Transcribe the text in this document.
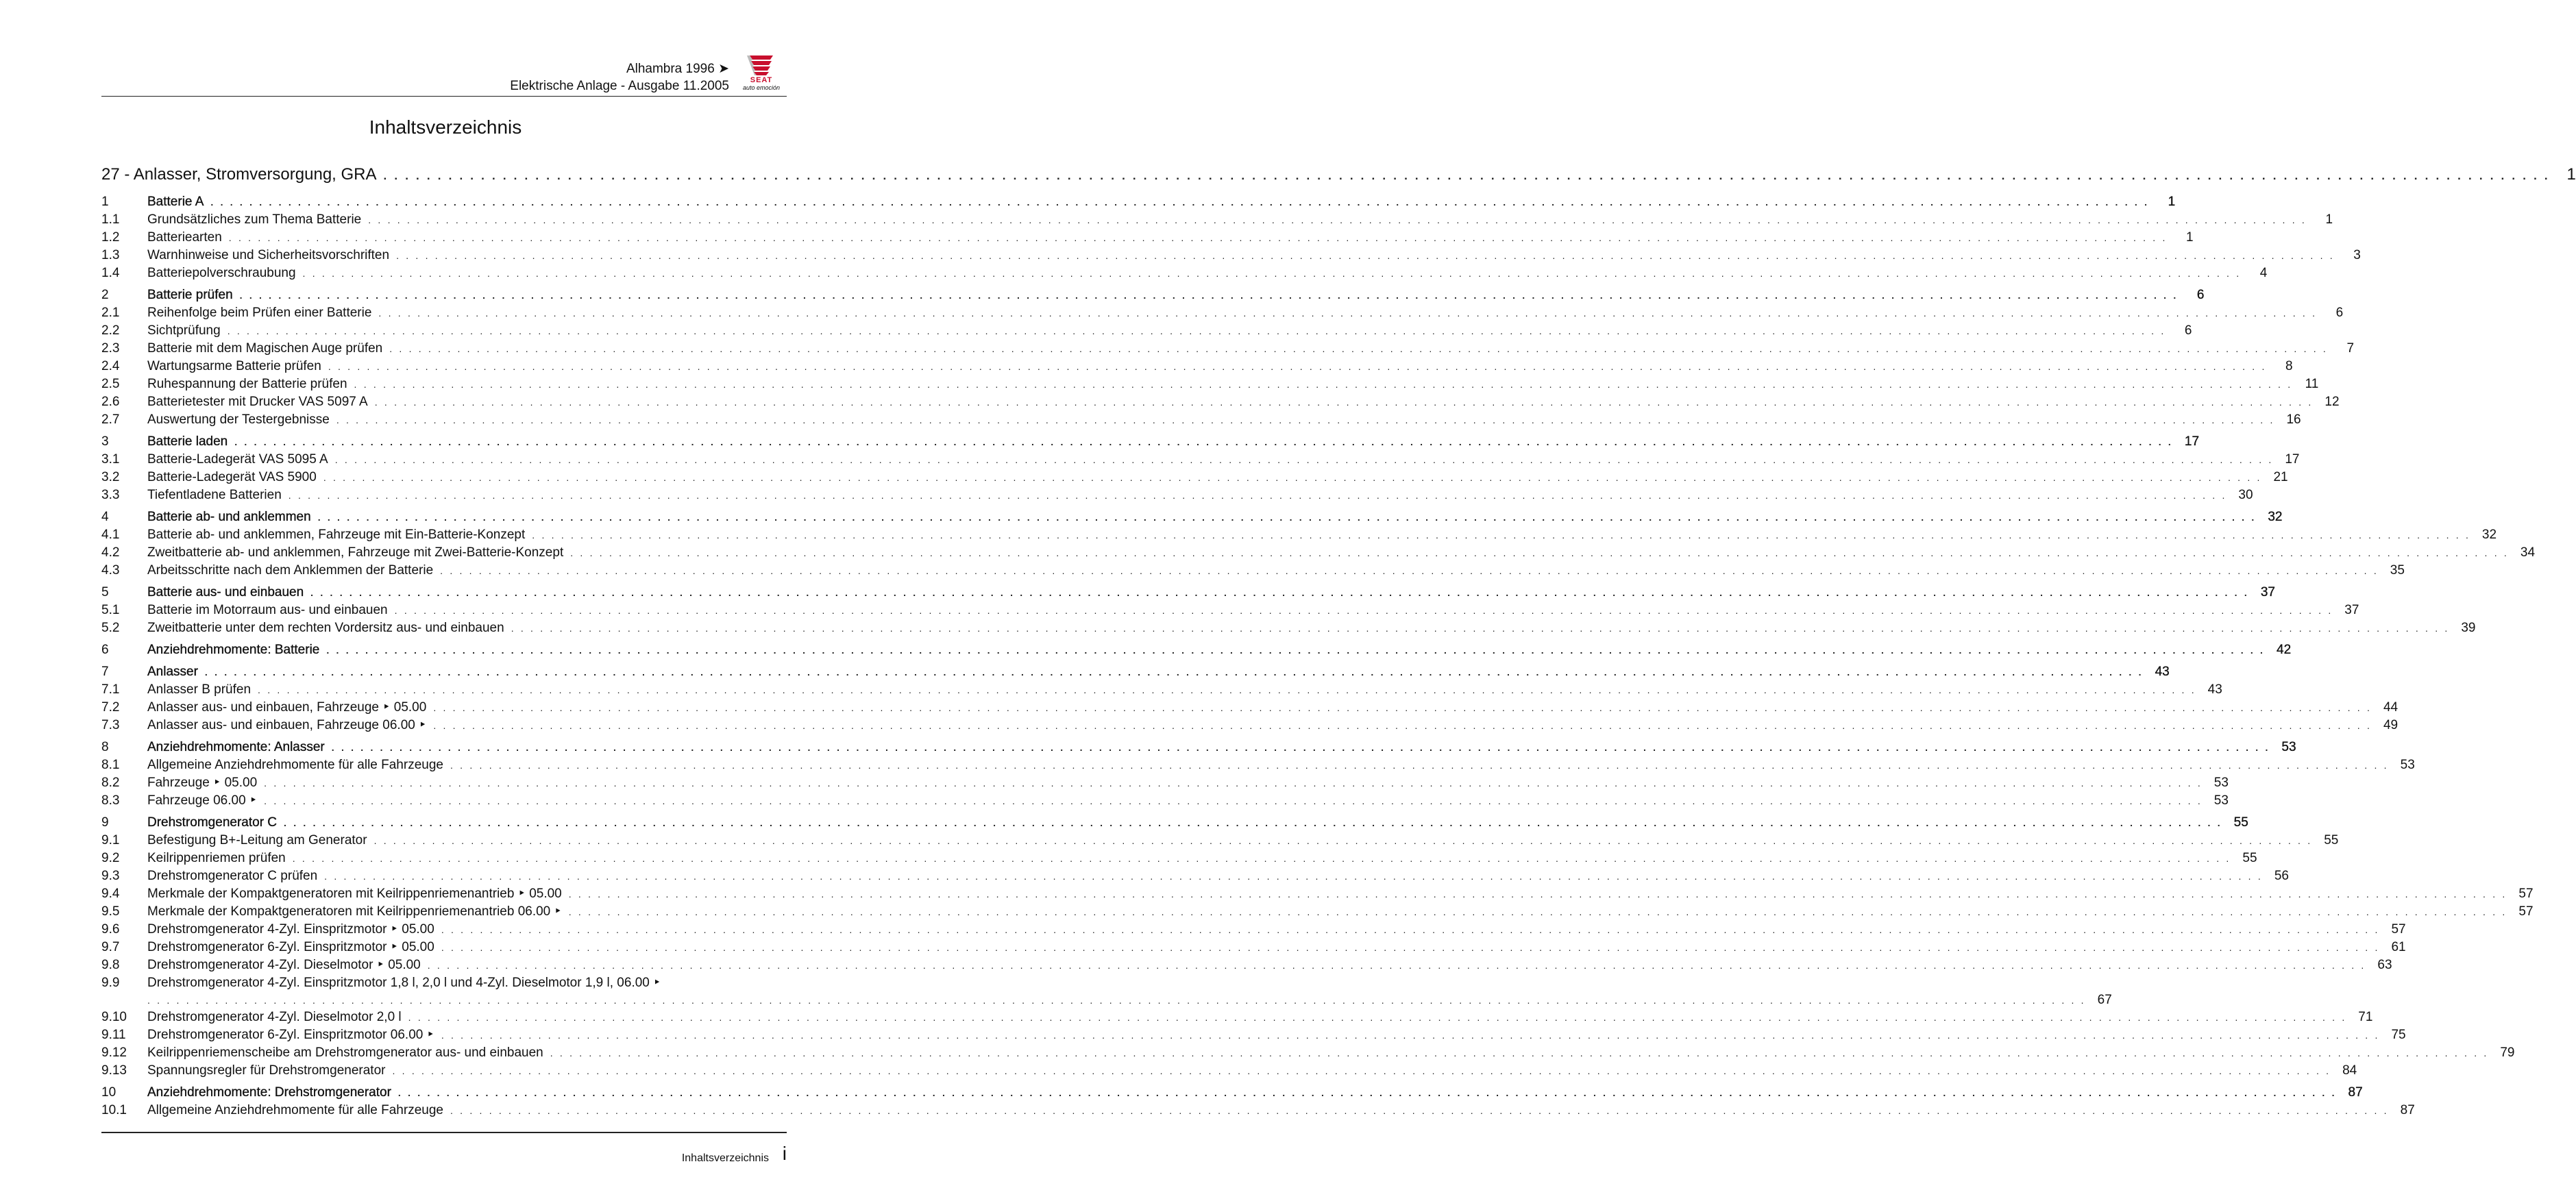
Alhambra 1996 ➤
Elektrische Anlage - Ausgabe 11.2005	SEAT
auto emoción
Inhaltsverzeichnis
27 - Anlasser, Stromversorgung, GRA . . . . . . . . . . . . . . . . . . . . . . . . . . . . . . . . . . . . . . . . . . . . . . . . . . . . . . . . . . . . . . . . . . . . . . . . . . . . . . . . . . . . . . . . . . . . . . . . . . . . . . . . . . . . . . . . . . . . . . . . . . . . . . . . . . . . . . . . . . . . . . . . . . . . . . . . . . . . . . . . . . . . . . . . . . . . . . . . . . . . . . . . . . . . . . . . . . . . . . . .	1
1	Batterie A . . . . . . . . . . . . . . . . . . . . . . . . . . . . . . . . . . . . . . . . . . . . . . . . . . . . . . . . . . . . . . . . . . . . . . . . . . . . . . . . . . . . . . . . . . . . . . . . . . . . . . . . . . . . . . . . . . . . . . . . . . . . . . . . . . . . . . . . . . . . . . . . . . . . . . . . . . . . . . . . . . . . . . . . . . . . . . . . . . . . . . . . . . . . . . . . . . . . . . . .	1
1.1	Grundsätzliches zum Thema Batterie . . . . . . . . . . . . . . . . . . . . . . . . . . . . . . . . . . . . . . . . . . . . . . . . . . . . . . . . . . . . . . . . . . . . . . . . . . . . . . . . . . . . . . . . . . . . . . . . . . . . . . . . . . . . . . . . . . . . . . . . . . . . . . . . . . . . . . . . . . . . . . . . . . . . . . . . . . . . . . . . . . . . . . . . . . . . . . . . . . . . . . . . . . . . . . . . . . . . . . . .	1
1.2	Batteriearten . . . . . . . . . . . . . . . . . . . . . . . . . . . . . . . . . . . . . . . . . . . . . . . . . . . . . . . . . . . . . . . . . . . . . . . . . . . . . . . . . . . . . . . . . . . . . . . . . . . . . . . . . . . . . . . . . . . . . . . . . . . . . . . . . . . . . . . . . . . . . . . . . . . . . . . . . . . . . . . . . . . . . . . . . . . . . . . . . . . . . . . . . . . . . . . . . . . . . . . .	1
1.3	Warnhinweise und Sicherheitsvorschriften . . . . . . . . . . . . . . . . . . . . . . . . . . . . . . . . . . . . . . . . . . . . . . . . . . . . . . . . . . . . . . . . . . . . . . . . . . . . . . . . . . . . . . . . . . . . . . . . . . . . . . . . . . . . . . . . . . . . . . . . . . . . . . . . . . . . . . . . . . . . . . . . . . . . . . . . . . . . . . . . . . . . . . . . . . . . . . . . . . . . . . . . . . . . . . . . . . . . . . . .	3
1.4	Batteriepolverschraubung . . . . . . . . . . . . . . . . . . . . . . . . . . . . . . . . . . . . . . . . . . . . . . . . . . . . . . . . . . . . . . . . . . . . . . . . . . . . . . . . . . . . . . . . . . . . . . . . . . . . . . . . . . . . . . . . . . . . . . . . . . . . . . . . . . . . . . . . . . . . . . . . . . . . . . . . . . . . . . . . . . . . . . . . . . . . . . . . . . . . . . . . . . . . . . . . . . . . . . . .	4
2	Batterie prüfen . . . . . . . . . . . . . . . . . . . . . . . . . . . . . . . . . . . . . . . . . . . . . . . . . . . . . . . . . . . . . . . . . . . . . . . . . . . . . . . . . . . . . . . . . . . . . . . . . . . . . . . . . . . . . . . . . . . . . . . . . . . . . . . . . . . . . . . . . . . . . . . . . . . . . . . . . . . . . . . . . . . . . . . . . . . . . . . . . . . . . . . . . . . . . . . . . . . . . . . .	6
2.1	Reihenfolge beim Prüfen einer Batterie . . . . . . . . . . . . . . . . . . . . . . . . . . . . . . . . . . . . . . . . . . . . . . . . . . . . . . . . . . . . . . . . . . . . . . . . . . . . . . . . . . . . . . . . . . . . . . . . . . . . . . . . . . . . . . . . . . . . . . . . . . . . . . . . . . . . . . . . . . . . . . . . . . . . . . . . . . . . . . . . . . . . . . . . . . . . . . . . . . . . . . . . . . . . . . . . . . . . . . . .	6
2.2	Sichtprüfung . . . . . . . . . . . . . . . . . . . . . . . . . . . . . . . . . . . . . . . . . . . . . . . . . . . . . . . . . . . . . . . . . . . . . . . . . . . . . . . . . . . . . . . . . . . . . . . . . . . . . . . . . . . . . . . . . . . . . . . . . . . . . . . . . . . . . . . . . . . . . . . . . . . . . . . . . . . . . . . . . . . . . . . . . . . . . . . . . . . . . . . . . . . . . . . . . . . . . . . .	6
2.3	Batterie mit dem Magischen Auge prüfen . . . . . . . . . . . . . . . . . . . . . . . . . . . . . . . . . . . . . . . . . . . . . . . . . . . . . . . . . . . . . . . . . . . . . . . . . . . . . . . . . . . . . . . . . . . . . . . . . . . . . . . . . . . . . . . . . . . . . . . . . . . . . . . . . . . . . . . . . . . . . . . . . . . . . . . . . . . . . . . . . . . . . . . . . . . . . . . . . . . . . . . . . . . . . . . . . . . . . . . .	7
2.4	Wartungsarme Batterie prüfen . . . . . . . . . . . . . . . . . . . . . . . . . . . . . . . . . . . . . . . . . . . . . . . . . . . . . . . . . . . . . . . . . . . . . . . . . . . . . . . . . . . . . . . . . . . . . . . . . . . . . . . . . . . . . . . . . . . . . . . . . . . . . . . . . . . . . . . . . . . . . . . . . . . . . . . . . . . . . . . . . . . . . . . . . . . . . . . . . . . . . . . . . . . . . . . . . . . . . . . .	8
2.5	Ruhespannung der Batterie prüfen . . . . . . . . . . . . . . . . . . . . . . . . . . . . . . . . . . . . . . . . . . . . . . . . . . . . . . . . . . . . . . . . . . . . . . . . . . . . . . . . . . . . . . . . . . . . . . . . . . . . . . . . . . . . . . . . . . . . . . . . . . . . . . . . . . . . . . . . . . . . . . . . . . . . . . . . . . . . . . . . . . . . . . . . . . . . . . . . . . . . . . . . . . . . . . . . . . . . . . . . 11
2.6	Batterietester mit Drucker VAS 5097 A . . . . . . . . . . . . . . . . . . . . . . . . . . . . . . . . . . . . . . . . . . . . . . . . . . . . . . . . . . . . . . . . . . . . . . . . . . . . . . . . . . . . . . . . . . . . . . . . . . . . . . . . . . . . . . . . . . . . . . . . . . . . . . . . . . . . . . . . . . . . . . . . . . . . . . . . . . . . . . . . . . . . . . . . . . . . . . . . . . . . . . . . . . . . . . . . . . . . . . . . 12
2.7	Auswertung der Testergebnisse . . . . . . . . . . . . . . . . . . . . . . . . . . . . . . . . . . . . . . . . . . . . . . . . . . . . . . . . . . . . . . . . . . . . . . . . . . . . . . . . . . . . . . . . . . . . . . . . . . . . . . . . . . . . . . . . . . . . . . . . . . . . . . . . . . . . . . . . . . . . . . . . . . . . . . . . . . . . . . . . . . . . . . . . . . . . . . . . . . . . . . . . . . . . . . . . . . . . . . . . 16
3	Batterie laden . . . . . . . . . . . . . . . . . . . . . . . . . . . . . . . . . . . . . . . . . . . . . . . . . . . . . . . . . . . . . . . . . . . . . . . . . . . . . . . . . . . . . . . . . . . . . . . . . . . . . . . . . . . . . . . . . . . . . . . . . . . . . . . . . . . . . . . . . . . . . . . . . . . . . . . . . . . . . . . . . . . . . . . . . . . . . . . . . . . . . . . . . . . . . . . . . . . . . . . . 17
3.1	Batterie-Ladegerät VAS 5095 A . . . . . . . . . . . . . . . . . . . . . . . . . . . . . . . . . . . . . . . . . . . . . . . . . . . . . . . . . . . . . . . . . . . . . . . . . . . . . . . . . . . . . . . . . . . . . . . . . . . . . . . . . . . . . . . . . . . . . . . . . . . . . . . . . . . . . . . . . . . . . . . . . . . . . . . . . . . . . . . . . . . . . . . . . . . . . . . . . . . . . . . . . . . . . . . . . . . . . . . . 17
3.2	Batterie-Ladegerät VAS 5900 . . . . . . . . . . . . . . . . . . . . . . . . . . . . . . . . . . . . . . . . . . . . . . . . . . . . . . . . . . . . . . . . . . . . . . . . . . . . . . . . . . . . . . . . . . . . . . . . . . . . . . . . . . . . . . . . . . . . . . . . . . . . . . . . . . . . . . . . . . . . . . . . . . . . . . . . . . . . . . . . . . . . . . . . . . . . . . . . . . . . . . . . . . . . . . . . . . . . . . . . 21
3.3	Tiefentladene Batterien . . . . . . . . . . . . . . . . . . . . . . . . . . . . . . . . . . . . . . . . . . . . . . . . . . . . . . . . . . . . . . . . . . . . . . . . . . . . . . . . . . . . . . . . . . . . . . . . . . . . . . . . . . . . . . . . . . . . . . . . . . . . . . . . . . . . . . . . . . . . . . . . . . . . . . . . . . . . . . . . . . . . . . . . . . . . . . . . . . . . . . . . . . . . . . . . . . . . . . . . 30
4	Batterie ab- und anklemmen . . . . . . . . . . . . . . . . . . . . . . . . . . . . . . . . . . . . . . . . . . . . . . . . . . . . . . . . . . . . . . . . . . . . . . . . . . . . . . . . . . . . . . . . . . . . . . . . . . . . . . . . . . . . . . . . . . . . . . . . . . . . . . . . . . . . . . . . . . . . . . . . . . . . . . . . . . . . . . . . . . . . . . . . . . . . . . . . . . . . . . . . . . . . . . . . . . . . . . . . 32
4.1	Batterie ab- und anklemmen, Fahrzeuge mit Ein-Batterie-Konzept . . . . . . . . . . . . . . . . . . . . . . . . . . . . . . . . . . . . . . . . . . . . . . . . . . . . . . . . . . . . . . . . . . . . . . . . . . . . . . . . . . . . . . . . . . . . . . . . . . . . . . . . . . . . . . . . . . . . . . . . . . . . . . . . . . . . . . . . . . . . . . . . . . . . . . . . . . . . . . . . . . . . . . . . . . . . . . . . . . . . . . . . . . . . . . . . . . . . . . . . 32
4.2	Zweitbatterie ab- und anklemmen, Fahrzeuge mit Zwei-Batterie-Konzept . . . . . . . . . . . . . . . . . . . . . . . . . . . . . . . . . . . . . . . . . . . . . . . . . . . . . . . . . . . . . . . . . . . . . . . . . . . . . . . . . . . . . . . . . . . . . . . . . . . . . . . . . . . . . . . . . . . . . . . . . . . . . . . . . . . . . . . . . . . . . . . . . . . . . . . . . . . . . . . . . . . . . . . . . . . . . . . . . . . . . . . . . . . . . . . . . . . . . . . . 34
4.3	Arbeitsschritte nach dem Anklemmen der Batterie . . . . . . . . . . . . . . . . . . . . . . . . . . . . . . . . . . . . . . . . . . . . . . . . . . . . . . . . . . . . . . . . . . . . . . . . . . . . . . . . . . . . . . . . . . . . . . . . . . . . . . . . . . . . . . . . . . . . . . . . . . . . . . . . . . . . . . . . . . . . . . . . . . . . . . . . . . . . . . . . . . . . . . . . . . . . . . . . . . . . . . . . . . . . . . . . . . . . . . . . 35
5	Batterie aus- und einbauen . . . . . . . . . . . . . . . . . . . . . . . . . . . . . . . . . . . . . . . . . . . . . . . . . . . . . . . . . . . . . . . . . . . . . . . . . . . . . . . . . . . . . . . . . . . . . . . . . . . . . . . . . . . . . . . . . . . . . . . . . . . . . . . . . . . . . . . . . . . . . . . . . . . . . . . . . . . . . . . . . . . . . . . . . . . . . . . . . . . . . . . . . . . . . . . . . . . . . . . . 37
5.1	Batterie im Motorraum aus- und einbauen . . . . . . . . . . . . . . . . . . . . . . . . . . . . . . . . . . . . . . . . . . . . . . . . . . . . . . . . . . . . . . . . . . . . . . . . . . . . . . . . . . . . . . . . . . . . . . . . . . . . . . . . . . . . . . . . . . . . . . . . . . . . . . . . . . . . . . . . . . . . . . . . . . . . . . . . . . . . . . . . . . . . . . . . . . . . . . . . . . . . . . . . . . . . . . . . . . . . . . . . 37
5.2	Zweitbatterie unter dem rechten Vordersitz aus- und einbauen . . . . . . . . . . . . . . . . . . . . . . . . . . . . . . . . . . . . . . . . . . . . . . . . . . . . . . . . . . . . . . . . . . . . . . . . . . . . . . . . . . . . . . . . . . . . . . . . . . . . . . . . . . . . . . . . . . . . . . . . . . . . . . . . . . . . . . . . . . . . . . . . . . . . . . . . . . . . . . . . . . . . . . . . . . . . . . . . . . . . . . . . . . . . . . . . . . . . . . . . 39
6	Anziehdrehmomente: Batterie . . . . . . . . . . . . . . . . . . . . . . . . . . . . . . . . . . . . . . . . . . . . . . . . . . . . . . . . . . . . . . . . . . . . . . . . . . . . . . . . . . . . . . . . . . . . . . . . . . . . . . . . . . . . . . . . . . . . . . . . . . . . . . . . . . . . . . . . . . . . . . . . . . . . . . . . . . . . . . . . . . . . . . . . . . . . . . . . . . . . . . . . . . . . . . . . . . . . . . . . 42
7	Anlasser . . . . . . . . . . . . . . . . . . . . . . . . . . . . . . . . . . . . . . . . . . . . . . . . . . . . . . . . . . . . . . . . . . . . . . . . . . . . . . . . . . . . . . . . . . . . . . . . . . . . . . . . . . . . . . . . . . . . . . . . . . . . . . . . . . . . . . . . . . . . . . . . . . . . . . . . . . . . . . . . . . . . . . . . . . . . . . . . . . . . . . . . . . . . . . . . . . . . . . . . 43
7.1	Anlasser B prüfen . . . . . . . . . . . . . . . . . . . . . . . . . . . . . . . . . . . . . . . . . . . . . . . . . . . . . . . . . . . . . . . . . . . . . . . . . . . . . . . . . . . . . . . . . . . . . . . . . . . . . . . . . . . . . . . . . . . . . . . . . . . . . . . . . . . . . . . . . . . . . . . . . . . . . . . . . . . . . . . . . . . . . . . . . . . . . . . . . . . . . . . . . . . . . . . . . . . . . . . . 43
7.2	Anlasser aus- und einbauen, Fahrzeuge ‣ 05.00 . . . . . . . . . . . . . . . . . . . . . . . . . . . . . . . . . . . . . . . . . . . . . . . . . . . . . . . . . . . . . . . . . . . . . . . . . . . . . . . . . . . . . . . . . . . . . . . . . . . . . . . . . . . . . . . . . . . . . . . . . . . . . . . . . . . . . . . . . . . . . . . . . . . . . . . . . . . . . . . . . . . . . . . . . . . . . . . . . . . . . . . . . . . . . . . . . . . . . . . . 44
7.3	Anlasser aus- und einbauen, Fahrzeuge 06.00 ‣ . . . . . . . . . . . . . . . . . . . . . . . . . . . . . . . . . . . . . . . . . . . . . . . . . . . . . . . . . . . . . . . . . . . . . . . . . . . . . . . . . . . . . . . . . . . . . . . . . . . . . . . . . . . . . . . . . . . . . . . . . . . . . . . . . . . . . . . . . . . . . . . . . . . . . . . . . . . . . . . . . . . . . . . . . . . . . . . . . . . . . . . . . . . . . . . . . . . . . . . . 49
8	Anziehdrehmomente: Anlasser . . . . . . . . . . . . . . . . . . . . . . . . . . . . . . . . . . . . . . . . . . . . . . . . . . . . . . . . . . . . . . . . . . . . . . . . . . . . . . . . . . . . . . . . . . . . . . . . . . . . . . . . . . . . . . . . . . . . . . . . . . . . . . . . . . . . . . . . . . . . . . . . . . . . . . . . . . . . . . . . . . . . . . . . . . . . . . . . . . . . . . . . . . . . . . . . . . . . . . . . 53
8.1	Allgemeine Anziehdrehmomente für alle Fahrzeuge . . . . . . . . . . . . . . . . . . . . . . . . . . . . . . . . . . . . . . . . . . . . . . . . . . . . . . . . . . . . . . . . . . . . . . . . . . . . . . . . . . . . . . . . . . . . . . . . . . . . . . . . . . . . . . . . . . . . . . . . . . . . . . . . . . . . . . . . . . . . . . . . . . . . . . . . . . . . . . . . . . . . . . . . . . . . . . . . . . . . . . . . . . . . . . . . . . . . . . . . 53
8.2	Fahrzeuge ‣ 05.00 . . . . . . . . . . . . . . . . . . . . . . . . . . . . . . . . . . . . . . . . . . . . . . . . . . . . . . . . . . . . . . . . . . . . . . . . . . . . . . . . . . . . . . . . . . . . . . . . . . . . . . . . . . . . . . . . . . . . . . . . . . . . . . . . . . . . . . . . . . . . . . . . . . . . . . . . . . . . . . . . . . . . . . . . . . . . . . . . . . . . . . . . . . . . . . . . . . . . . . . . 53
8.3	Fahrzeuge 06.00 ‣ . . . . . . . . . . . . . . . . . . . . . . . . . . . . . . . . . . . . . . . . . . . . . . . . . . . . . . . . . . . . . . . . . . . . . . . . . . . . . . . . . . . . . . . . . . . . . . . . . . . . . . . . . . . . . . . . . . . . . . . . . . . . . . . . . . . . . . . . . . . . . . . . . . . . . . . . . . . . . . . . . . . . . . . . . . . . . . . . . . . . . . . . . . . . . . . . . . . . . . . . 53
9	Drehstromgenerator C . . . . . . . . . . . . . . . . . . . . . . . . . . . . . . . . . . . . . . . . . . . . . . . . . . . . . . . . . . . . . . . . . . . . . . . . . . . . . . . . . . . . . . . . . . . . . . . . . . . . . . . . . . . . . . . . . . . . . . . . . . . . . . . . . . . . . . . . . . . . . . . . . . . . . . . . . . . . . . . . . . . . . . . . . . . . . . . . . . . . . . . . . . . . . . . . . . . . . . . . 55
9.1	Befestigung B+-Leitung am Generator . . . . . . . . . . . . . . . . . . . . . . . . . . . . . . . . . . . . . . . . . . . . . . . . . . . . . . . . . . . . . . . . . . . . . . . . . . . . . . . . . . . . . . . . . . . . . . . . . . . . . . . . . . . . . . . . . . . . . . . . . . . . . . . . . . . . . . . . . . . . . . . . . . . . . . . . . . . . . . . . . . . . . . . . . . . . . . . . . . . . . . . . . . . . . . . . . . . . . . . . 55
9.2	Keilrippenriemen prüfen . . . . . . . . . . . . . . . . . . . . . . . . . . . . . . . . . . . . . . . . . . . . . . . . . . . . . . . . . . . . . . . . . . . . . . . . . . . . . . . . . . . . . . . . . . . . . . . . . . . . . . . . . . . . . . . . . . . . . . . . . . . . . . . . . . . . . . . . . . . . . . . . . . . . . . . . . . . . . . . . . . . . . . . . . . . . . . . . . . . . . . . . . . . . . . . . . . . . . . . . 55
9.3	Drehstromgenerator C prüfen . . . . . . . . . . . . . . . . . . . . . . . . . . . . . . . . . . . . . . . . . . . . . . . . . . . . . . . . . . . . . . . . . . . . . . . . . . . . . . . . . . . . . . . . . . . . . . . . . . . . . . . . . . . . . . . . . . . . . . . . . . . . . . . . . . . . . . . . . . . . . . . . . . . . . . . . . . . . . . . . . . . . . . . . . . . . . . . . . . . . . . . . . . . . . . . . . . . . . . . . 56
9.4	Merkmale der Kompaktgeneratoren mit Keilrippenriemenantrieb ‣ 05.00 . . . . . . . . . . . . . . . . . . . . . . . . . . . . . . . . . . . . . . . . . . . . . . . . . . . . . . . . . . . . . . . . . . . . . . . . . . . . . . . . . . . . . . . . . . . . . . . . . . . . . . . . . . . . . . . . . . . . . . . . . . . . . . . . . . . . . . . . . . . . . . . . . . . . . . . . . . . . . . . . . . . . . . . . . . . . . . . . . . . . . . . . . . . . . . . . . . . . . . . . 57
9.5	Merkmale der Kompaktgeneratoren mit Keilrippenriemenantrieb 06.00 ‣ . . . . . . . . . . . . . . . . . . . . . . . . . . . . . . . . . . . . . . . . . . . . . . . . . . . . . . . . . . . . . . . . . . . . . . . . . . . . . . . . . . . . . . . . . . . . . . . . . . . . . . . . . . . . . . . . . . . . . . . . . . . . . . . . . . . . . . . . . . . . . . . . . . . . . . . . . . . . . . . . . . . . . . . . . . . . . . . . . . . . . . . . . . . . . . . . . . . . . . . . 57
9.6	Drehstromgenerator 4-Zyl. Einspritzmotor ‣ 05.00 . . . . . . . . . . . . . . . . . . . . . . . . . . . . . . . . . . . . . . . . . . . . . . . . . . . . . . . . . . . . . . . . . . . . . . . . . . . . . . . . . . . . . . . . . . . . . . . . . . . . . . . . . . . . . . . . . . . . . . . . . . . . . . . . . . . . . . . . . . . . . . . . . . . . . . . . . . . . . . . . . . . . . . . . . . . . . . . . . . . . . . . . . . . . . . . . . . . . . . . . 57
9.7	Drehstromgenerator 6-Zyl. Einspritzmotor ‣ 05.00 . . . . . . . . . . . . . . . . . . . . . . . . . . . . . . . . . . . . . . . . . . . . . . . . . . . . . . . . . . . . . . . . . . . . . . . . . . . . . . . . . . . . . . . . . . . . . . . . . . . . . . . . . . . . . . . . . . . . . . . . . . . . . . . . . . . . . . . . . . . . . . . . . . . . . . . . . . . . . . . . . . . . . . . . . . . . . . . . . . . . . . . . . . . . . . . . . . . . . . . . 61
9.8	Drehstromgenerator 4-Zyl. Dieselmotor ‣ 05.00 . . . . . . . . . . . . . . . . . . . . . . . . . . . . . . . . . . . . . . . . . . . . . . . . . . . . . . . . . . . . . . . . . . . . . . . . . . . . . . . . . . . . . . . . . . . . . . . . . . . . . . . . . . . . . . . . . . . . . . . . . . . . . . . . . . . . . . . . . . . . . . . . . . . . . . . . . . . . . . . . . . . . . . . . . . . . . . . . . . . . . . . . . . . . . . . . . . . . . . . . 63
9.9	Drehstromgenerator 4-Zyl. Einspritzmotor 1,8 l, 2,0 l und 4-Zyl. Dieselmotor 1,9 l, 06.00 ‣
. . . . . . . . . . . . . . . . . . . . . . . . . . . . . . . . . . . . . . . . . . . . . . . . . . . . . . . . . . . . . . . . . . . . . . . . . . . . . . . . . . . . . . . . . . . . . . . . . . . . . . . . . . . . . . . . . . . . . . . . . . . . . . . . . . . . . . . . . . . . . . . . . . . . . . . . . . . . . . . . . . . . . . . . . . . . . . . . . . . . . . . . . . . . . . . . . . . . . . . . 67
9.10	Drehstromgenerator 4-Zyl. Dieselmotor 2,0 l . . . . . . . . . . . . . . . . . . . . . . . . . . . . . . . . . . . . . . . . . . . . . . . . . . . . . . . . . . . . . . . . . . . . . . . . . . . . . . . . . . . . . . . . . . . . . . . . . . . . . . . . . . . . . . . . . . . . . . . . . . . . . . . . . . . . . . . . . . . . . . . . . . . . . . . . . . . . . . . . . . . . . . . . . . . . . . . . . . . . . . . . . . . . . . . . . . . . . . . . 71
9.11	Drehstromgenerator 6-Zyl. Einspritzmotor 06.00 ‣ . . . . . . . . . . . . . . . . . . . . . . . . . . . . . . . . . . . . . . . . . . . . . . . . . . . . . . . . . . . . . . . . . . . . . . . . . . . . . . . . . . . . . . . . . . . . . . . . . . . . . . . . . . . . . . . . . . . . . . . . . . . . . . . . . . . . . . . . . . . . . . . . . . . . . . . . . . . . . . . . . . . . . . . . . . . . . . . . . . . . . . . . . . . . . . . . . . . . . . . . 75
9.12	Keilrippenriemenscheibe am Drehstromgenerator aus- und einbauen . . . . . . . . . . . . . . . . . . . . . . . . . . . . . . . . . . . . . . . . . . . . . . . . . . . . . . . . . . . . . . . . . . . . . . . . . . . . . . . . . . . . . . . . . . . . . . . . . . . . . . . . . . . . . . . . . . . . . . . . . . . . . . . . . . . . . . . . . . . . . . . . . . . . . . . . . . . . . . . . . . . . . . . . . . . . . . . . . . . . . . . . . . . . . . . . . . . . . . . . 79
9.13	Spannungsregler für Drehstromgenerator . . . . . . . . . . . . . . . . . . . . . . . . . . . . . . . . . . . . . . . . . . . . . . . . . . . . . . . . . . . . . . . . . . . . . . . . . . . . . . . . . . . . . . . . . . . . . . . . . . . . . . . . . . . . . . . . . . . . . . . . . . . . . . . . . . . . . . . . . . . . . . . . . . . . . . . . . . . . . . . . . . . . . . . . . . . . . . . . . . . . . . . . . . . . . . . . . . . . . . . . 84
10	Anziehdrehmomente: Drehstromgenerator . . . . . . . . . . . . . . . . . . . . . . . . . . . . . . . . . . . . . . . . . . . . . . . . . . . . . . . . . . . . . . . . . . . . . . . . . . . . . . . . . . . . . . . . . . . . . . . . . . . . . . . . . . . . . . . . . . . . . . . . . . . . . . . . . . . . . . . . . . . . . . . . . . . . . . . . . . . . . . . . . . . . . . . . . . . . . . . . . . . . . . . . . . . . . . . . . . . . . . . . 87
10.1	Allgemeine Anziehdrehmomente für alle Fahrzeuge . . . . . . . . . . . . . . . . . . . . . . . . . . . . . . . . . . . . . . . . . . . . . . . . . . . . . . . . . . . . . . . . . . . . . . . . . . . . . . . . . . . . . . . . . . . . . . . . . . . . . . . . . . . . . . . . . . . . . . . . . . . . . . . . . . . . . . . . . . . . . . . . . . . . . . . . . . . . . . . . . . . . . . . . . . . . . . . . . . . . . . . . . . . . . . . . . . . . . . . . 87
Inhaltsverzeichnis i
